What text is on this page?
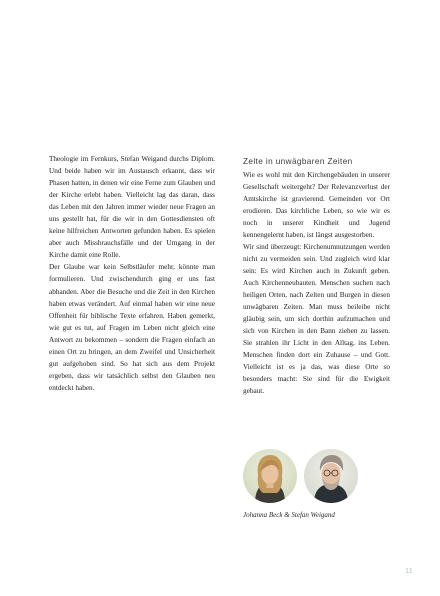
Theologie im Fernkurs, Stefan Weigand durchs Diplom. Und beide haben wir im Austausch erkannt, dass wir Phasen hatten, in denen wir eine Ferne zum Glauben und der Kirche erlebt haben. Vielleicht lag das daran, dass das Leben mit den Jahren immer wieder neue Fragen an uns gestellt hat, für die wir in den Gottesdiensten oft keine hilfreichen Antworten gefunden haben. Es spielen aber auch Missbrauchsfälle und der Umgang in der Kirche damit eine Rolle.

Der Glaube war kein Selbstläufer mehr, könnte man formulieren. Und zwischendurch ging er uns fast abhanden. Aber die Besuche und die Zeit in den Kirchen haben etwas verändert. Auf einmal haben wir eine neue Offenheit für biblische Texte erfahren. Haben gemerkt, wie gut es tut, auf Fragen im Leben nicht gleich eine Antwort zu bekommen – sondern die Fragen einfach an einen Ort zu bringen, an dem Zweifel und Unsicherheit gut aufgehoben sind. So hat sich aus dem Projekt ergeben, dass wir tatsächlich selbst den Glauben neu entdeckt haben.

Zelte in unwägbaren Zeiten

Wie es wohl mit den Kirchengebäuden in unserer Gesellschaft weitergeht? Der Relevanzverlust der Amtskirche ist gravierend. Gemeinden vor Ort erodieren. Das kirchliche Leben, so wie wir es noch in unserer Kindheit und Jugend kennengelernt haben, ist längst ausgestorben.

Wir sind überzeugt: Kirchenumnutzungen werden nicht zu vermeiden sein. Und zugleich wird klar sein: Es wird Kirchen auch in Zukunft geben. Auch Kirchenneubauten. Menschen suchen nach heiligen Orten, nach Zelten und Burgen in diesen unwägbaren Zeiten. Man muss beileibe nicht gläubig sein, um sich dorthin aufzumachen und sich von Kirchen in den Bann ziehen zu lassen. Sie strahlen ihr Licht in den Alltag, ins Leben. Menschen finden dort ein Zuhause – und Gott. Vielleicht ist es ja das, was diese Orte so besonders macht: Sie sind für die Ewigkeit gebaut.

Johanna Beck & Stefan Weigand
11
